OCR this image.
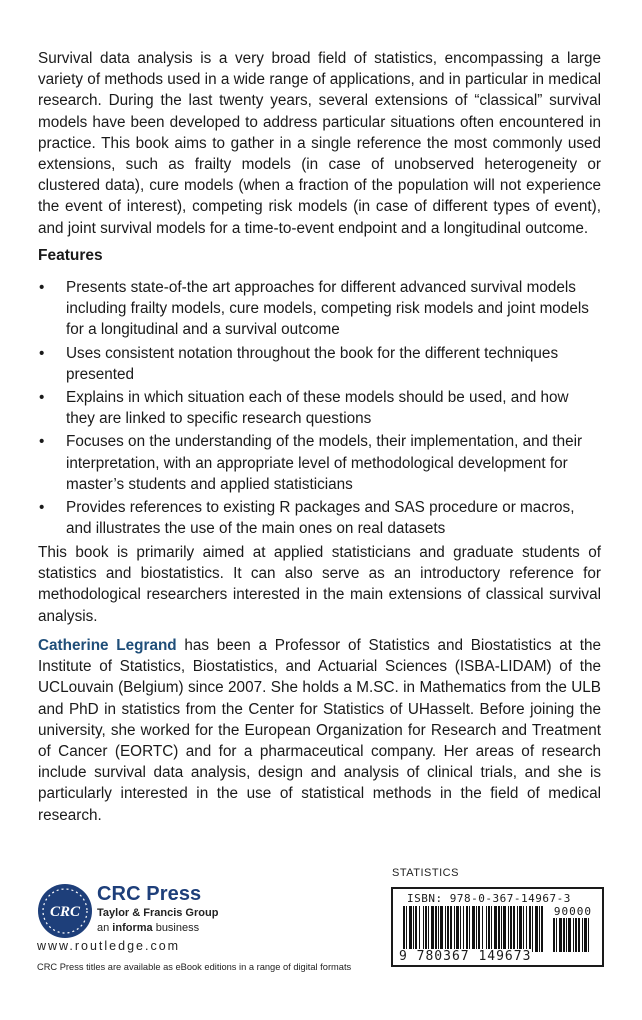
Survival data analysis is a very broad field of statistics, encompassing a large variety of methods used in a wide range of applications, and in particular in medical research. During the last twenty years, several extensions of “classical” survival models have been developed to address particular situations often encountered in practice. This book aims to gather in a single reference the most commonly used extensions, such as frailty models (in case of unobserved heterogeneity or clustered data), cure models (when a fraction of the population will not experience the event of interest), competing risk models (in case of different types of event), and joint survival models for a time-to-event endpoint and a longitudinal outcome.
Features
• Presents state-of-the art approaches for different advanced survival models including frailty models, cure models, competing risk models and joint models for a longitudinal and a survival outcome
• Uses consistent notation throughout the book for the different techniques presented
• Explains in which situation each of these models should be used, and how they are linked to specific research questions
• Focuses on the understanding of the models, their implementation, and their interpretation, with an appropriate level of methodological development for master’s students and applied statisticians
• Provides references to existing R packages and SAS procedure or macros, and illustrates the use of the main ones on real datasets
This book is primarily aimed at applied statisticians and graduate students of statistics and biostatistics. It can also serve as an introductory reference for methodological researchers interested in the main extensions of classical survival analysis.
Catherine Legrand has been a Professor of Statistics and Biostatistics at the Institute of Statistics, Biostatistics, and Actuarial Sciences (ISBA-LIDAM) of the UCLouvain (Belgium) since 2007. She holds a M.SC. in Mathematics from the ULB and PhD in statistics from the Center for Statistics of UHasselt. Before joining the university, she worked for the European Organization for Research and Treatment of Cancer (EORTC) and for a pharmaceutical company. Her areas of research include survival data analysis, design and analysis of clinical trials, and she is particularly interested in the use of statistical methods in the field of medical research.
CRC
CRC Press
Taylor & Francis Group
an informa business
www.routledge.com
CRC Press titles are available as eBook editions in a range of digital formats
STATISTICS
ISBN: 978-0-367-14967-3
90000
9 780367 149673
